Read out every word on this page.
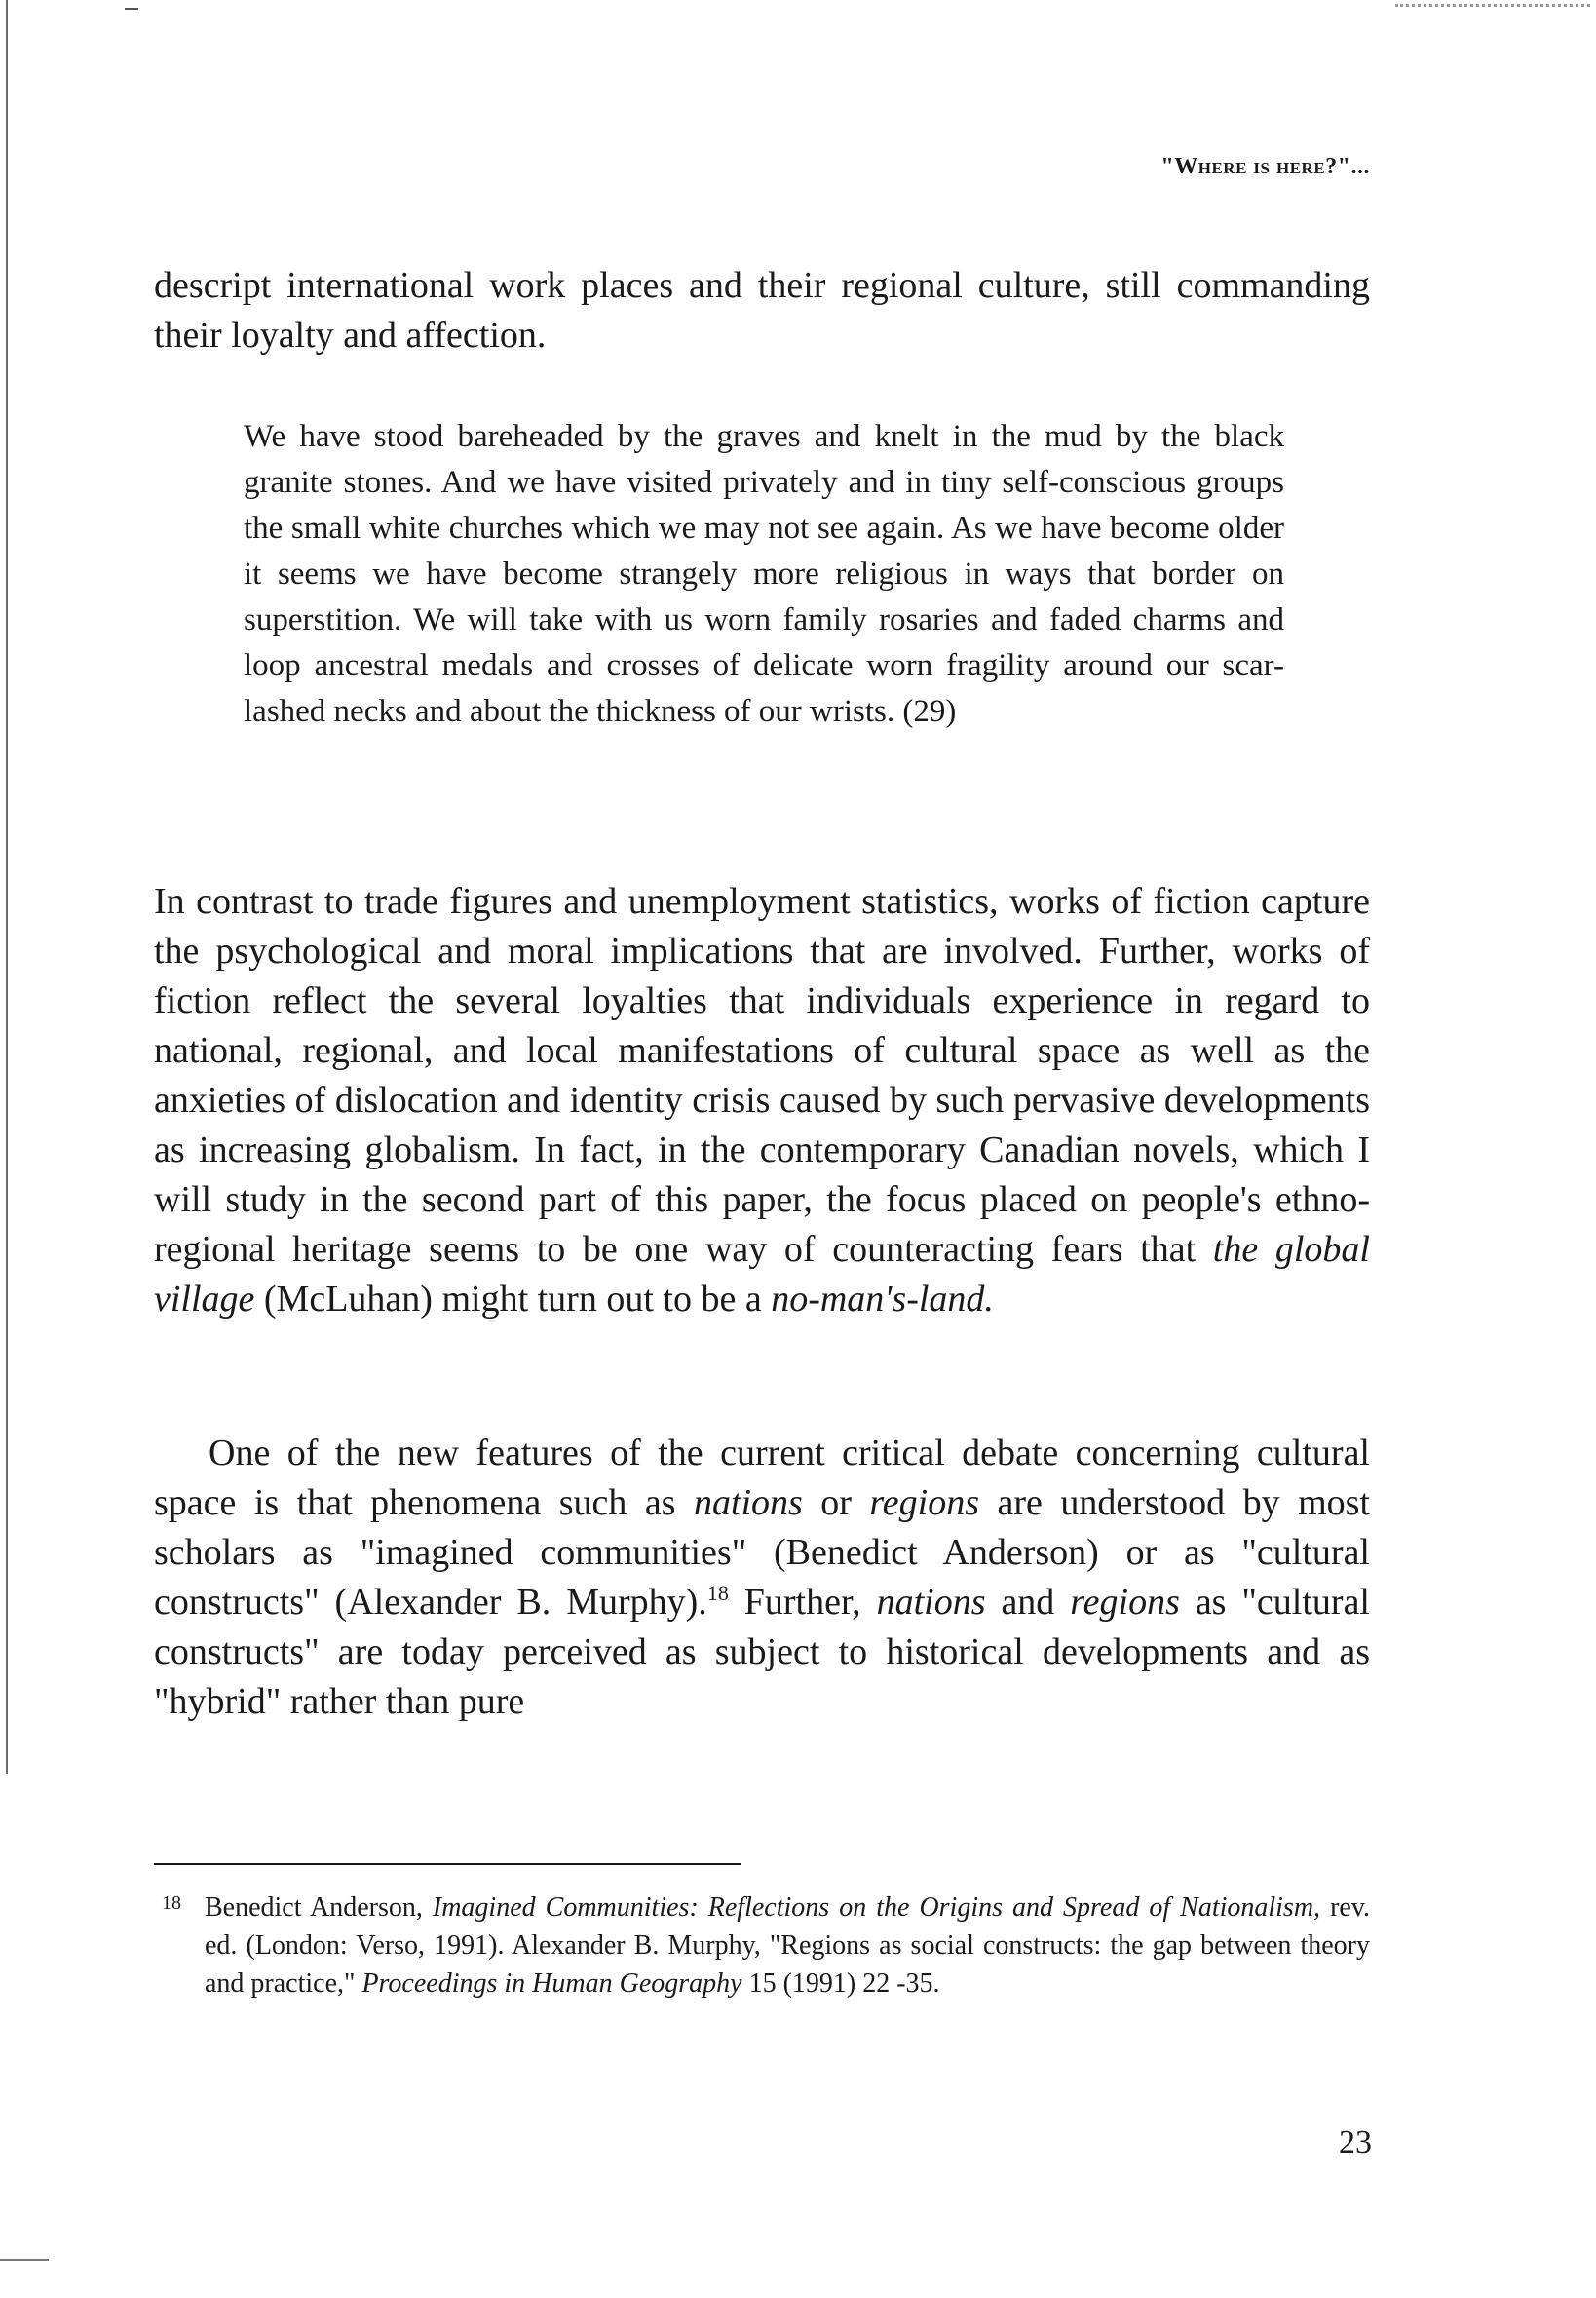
"Where is here?"...

descript international work places and their regional culture, still commanding their loyalty and affection.

We have stood bareheaded by the graves and knelt in the mud by the black granite stones. And we have visited privately and in tiny self-conscious groups the small white churches which we may not see again. As we have become older it seems we have become strangely more religious in ways that border on superstition. We will take with us worn family rosaries and faded charms and loop ancestral medals and crosses of delicate worn fragility around our scar-lashed necks and about the thickness of our wrists. (29)

In contrast to trade figures and unemployment statistics, works of fiction capture the psychological and moral implications that are involved. Further, works of fiction reflect the several loyalties that individuals experience in regard to national, regional, and local manifestations of cultural space as well as the anxieties of dislocation and identity crisis caused by such pervasive developments as increasing globalism. In fact, in the contemporary Canadian novels, which I will study in the second part of this paper, the focus placed on people's ethno-regional heritage seems to be one way of counteracting fears that the global village (McLuhan) might turn out to be a no-man's-land.

One of the new features of the current critical debate concerning cultural space is that phenomena such as nations or regions are understood by most scholars as "imagined communities" (Benedict Anderson) or as "cultural constructs" (Alexander B. Murphy).$^{18}$ Further, nations and regions as "cultural constructs" are today perceived as subject to historical developments and as "hybrid" rather than pure

18 Benedict Anderson, Imagined Communities: Reflections on the Origins and Spread of Nationalism, rev. ed. (London: Verso, 1991). Alexander B. Murphy, "Regions as social constructs: the gap between theory and practice," Proceedings in Human Geography 15 (1991) 22 -35.

23
